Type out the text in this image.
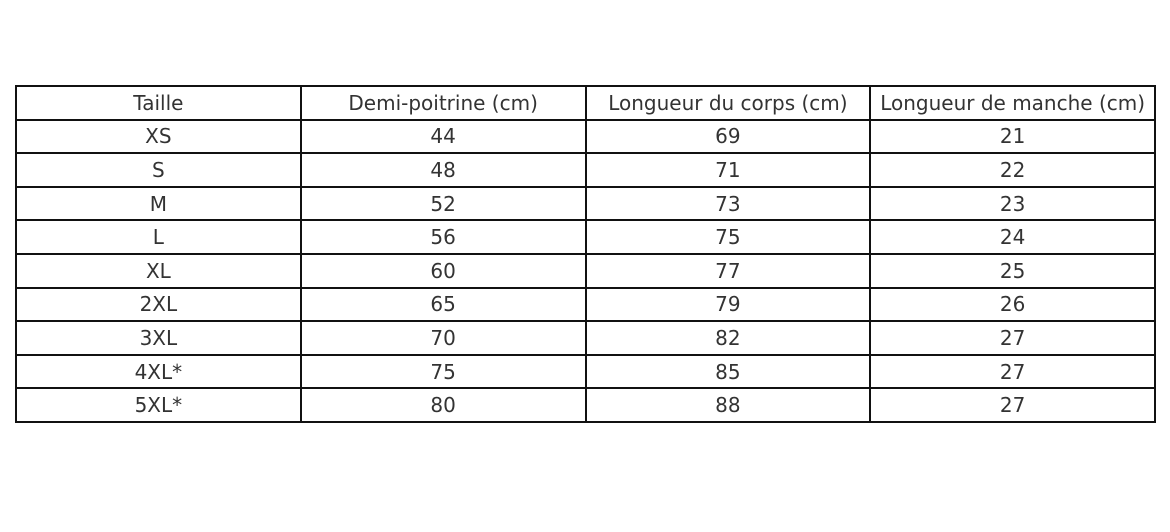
Taille	Demi-poitrine (cm)	Longueur du corps (cm)	Longueur de manche (cm)
XS	44	69	21
S	48	71	22
M	52	73	23
L	56	75	24
XL	60	77	25
2XL	65	79	26
3XL	70	82	27
4XL*	75	85	27
5XL*	80	88	27
